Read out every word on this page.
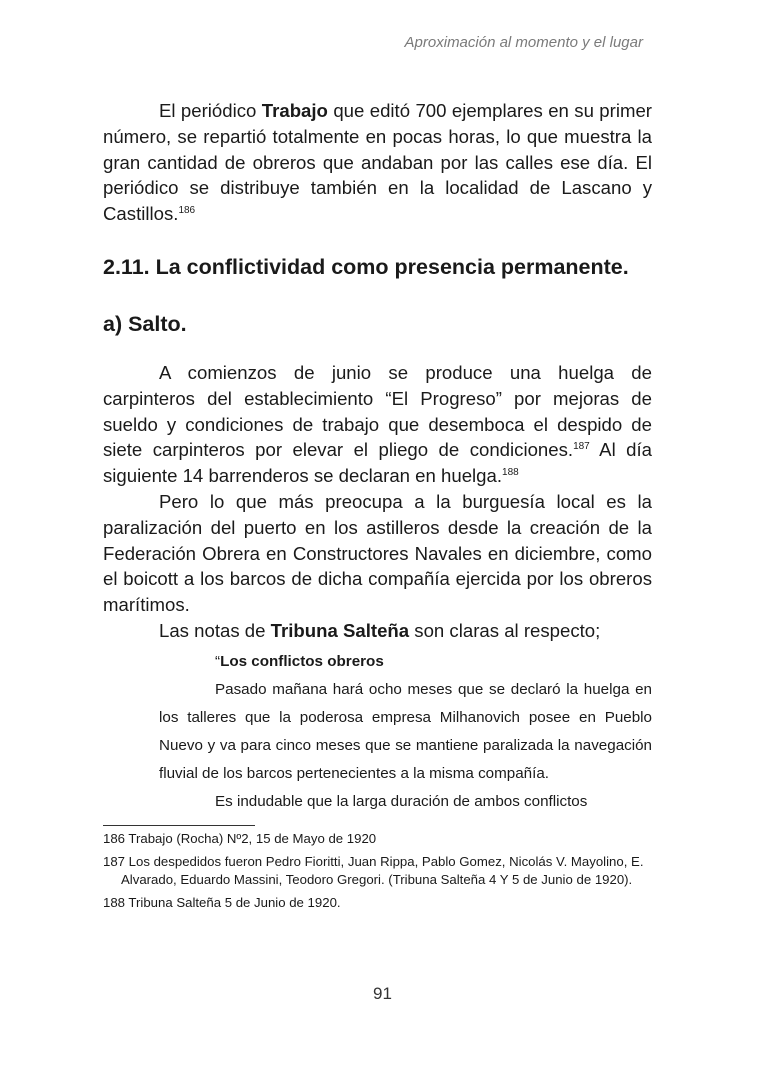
Aproximación al momento y el lugar

El periódico Trabajo que editó 700 ejemplares en su primer número, se repartió totalmente en pocas horas, lo que muestra la gran cantidad de obreros que andaban por las calles ese día. El periódico se distribuye también en la localidad de Lascano y Castillos.$^{186}$

2.11. La conflictividad como presencia permanente.
a) Salto.

A comienzos de junio se produce una huelga de carpinteros del establecimiento “El Progreso” por mejoras de sueldo y condiciones de trabajo que desemboca el despido de siete carpinteros por elevar el pliego de condiciones.$^{187}$ Al día siguiente 14 barrenderos se declaran en huelga.$^{188}$

Pero lo que más preocupa a la burguesía local es la paralización del puerto en los astilleros desde la creación de la Federación Obrera en Constructores Navales en diciembre, como el boicott a los barcos de dicha compañía ejercida por los obreros marítimos.

Las notas de Tribuna Salteña son claras al respecto;

“Los conflictos obreros

Pasado mañana hará ocho meses que se declaró la huelga en los talleres que la poderosa empresa Milhanovich posee en Pueblo Nuevo y va para cinco meses que se mantiene paralizada la navegación fluvial de los barcos pertenecientes a la misma compañía.

Es indudable que la larga duración de ambos conflictos

186 Trabajo (Rocha) Nº2, 15 de Mayo de 1920

187 Los despedidos fueron Pedro Fioritti, Juan Rippa, Pablo Gomez, Nicolás V. Mayolino, E. Alvarado, Eduardo Massini, Teodoro Gregori. (Tribuna Salteña 4 Y 5 de Junio de 1920).

188 Tribuna Salteña 5 de Junio de 1920.

91
